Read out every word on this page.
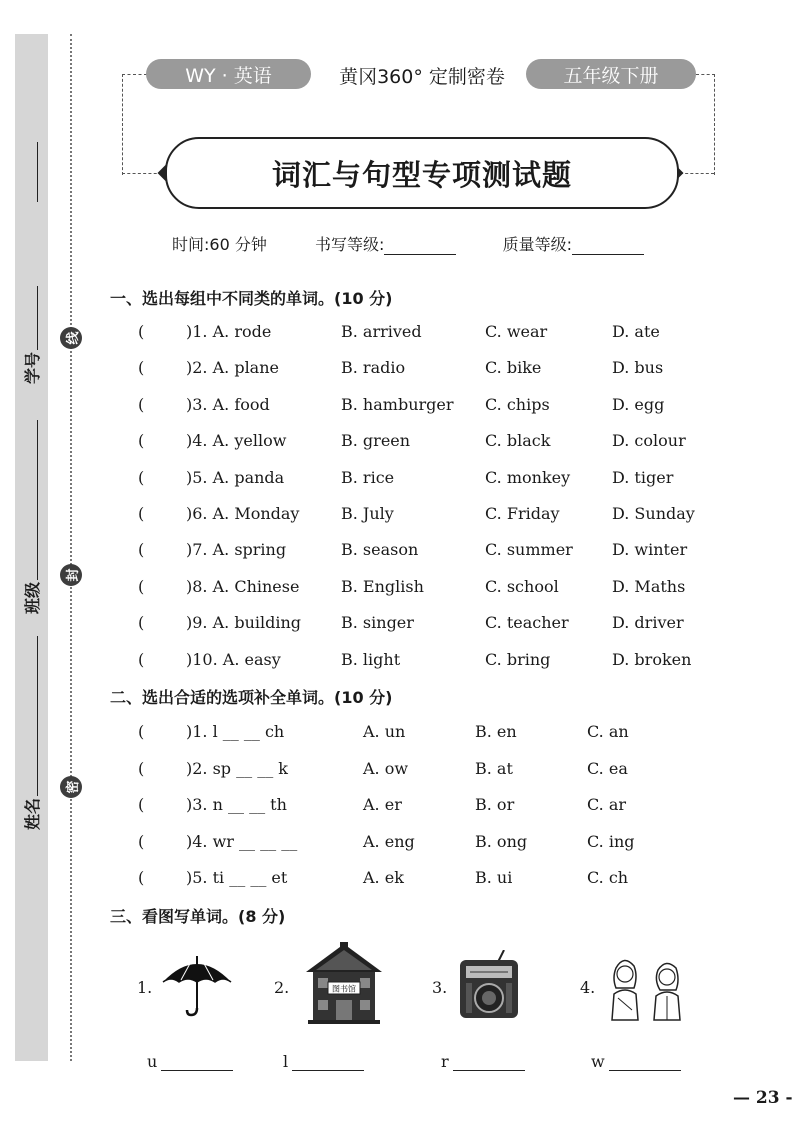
线
封
密
学号
班级
姓名
WY · 英语	黄冈360° 定制密卷	五年级下册
词汇与句型专项测试题
时间:60 分钟	书写等级:	质量等级:
一、选出每组中不同类的单词。(10 分)
(	)1. A. rode	B. arrived	C. wear	D. ate
(	)2. A. plane	B. radio	C. bike	D. bus
(	)3. A. food	B. hamburger C. chips	D. egg
(	)4. A. yellow	B. green	C. black	D. colour
(	)5. A. panda	B. rice	C. monkey	D. tiger
(	)6. A. Monday	B. July	C. Friday	D. Sunday
(	)7. A. spring	B. season	C. summer D. winter
(	)8. A. Chinese	B. English	C. school	D. Maths
(	)9. A. building B. singer	C. teacher	D. driver
(	)10. A. easy	B. light	C. bring	D. broken
二、选出合适的选项补全单词。(10 分)
(	)1. l __ __ ch	A. un	B. en	C. an
(	)2. sp __ __ k	A. ow	B. at	C. ea
(	)3. n __ __ th	A. er	B. or	C. ar
(	)4. wr __ __ __	A. eng	B. ong	C. ing
(	)5. ti __ __ et	A. ek	B. ui	C. ch
三、看图写单词。(8 分)
1.	2.	图书馆	3.	4.
u	l	r	w
— 23 -
